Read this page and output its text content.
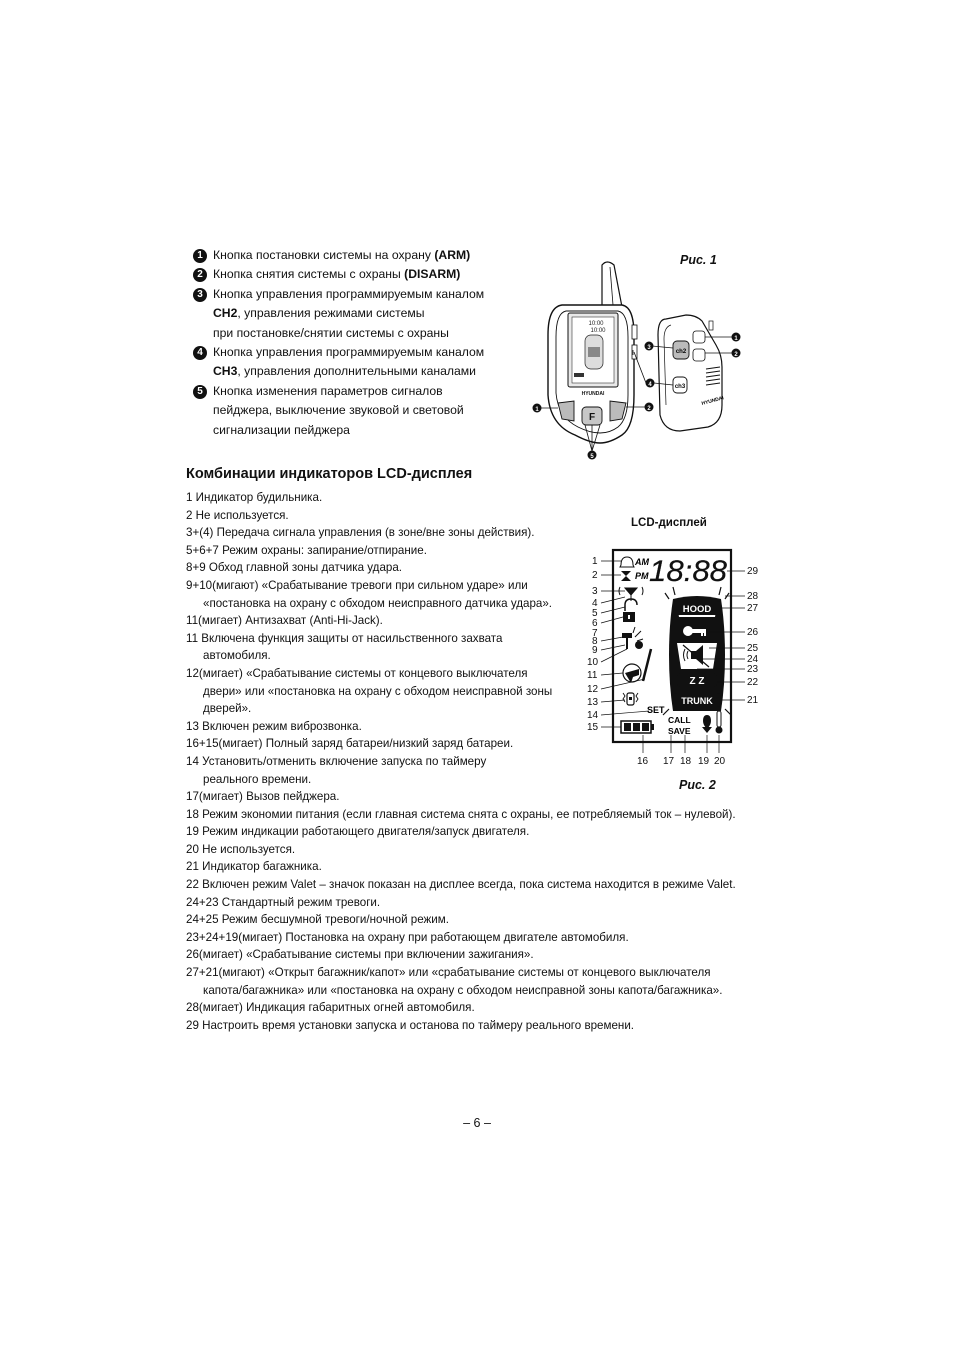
1 Кнопка постановки системы на охрану (ARM)
2 Кнопка снятия системы с охраны (DISARM)
3 Кнопка управления программируемым каналом
CH2, управления режимами системы
при постановке/снятии системы с охраны
4 Кнопка управления программируемым каналом
CH3, управления дополнительными каналами
5 Кнопка изменения параметров сигналов
пейджера, выключение звуковой и световой
сигнализации пейджера
Рис. 1
10:00
10:00
HYUNDAI
F
1	2
5
ch2
ch3
HYUNDAI
3
4
1
2
Комбинации индикаторов LCD-дисплея
LCD-дисплей
AM
PM 18:88
SET
CALL
SAVE
HOOD
Z Z
TRUNK
1
2
3
4
5
6
7
8
9
10
11
12
13
14
15
29
28
27
26
25
24
23
22
21
16 17 18 19 20
Рис. 2
1 Индикатор будильника.
2 Не используется.
3+(4) Передача сигнала управления (в зоне/вне зоны действия).
5+6+7 Режим охраны: запирание/отпирание.
8+9 Обход главной зоны датчика удара.
9+10(мигают) «Срабатывание тревоги при сильном ударе» или
«постановка на охрану с обходом неисправного датчика удара».
11(мигает) Антизахват (Anti-Hi-Jack).
11 Включена функция защиты от насильственного захвата
автомобиля.
12(мигает) «Срабатывание системы от концевого выключателя
двери» или «постановка на охрану с обходом неисправной зоны
дверей».
13 Включен режим виброзвонка.
16+15(мигает) Полный заряд батареи/низкий заряд батареи.
14 Установить/отменить включение запуска по таймеру
реального времени.
17(мигает) Вызов пейджера.
18 Режим экономии питания (если главная система снята с охраны, ее потребляемый ток – нулевой).
19 Режим индикации работающего двигателя/запуск двигателя.
20 Не используется.
21 Индикатор багажника.
22 Включен режим Valet – значок показан на дисплее всегда, пока система находится в режиме Valet.
24+23 Стандартный режим тревоги.
24+25 Режим бесшумной тревоги/ночной режим.
23+24+19(мигает) Постановка на охрану при работающем двигателе автомобиля.
26(мигает) «Срабатывание системы при включении зажигания».
27+21(мигают) «Открыт багажник/капот» или «срабатывание системы от концевого выключателя
капота/багажника» или «постановка на охрану с обходом неисправной зоны капота/багажника».
28(мигает) Индикация габаритных огней автомобиля.
29 Настроить время установки запуска и останова по таймеру реального времени.
– 6 –
